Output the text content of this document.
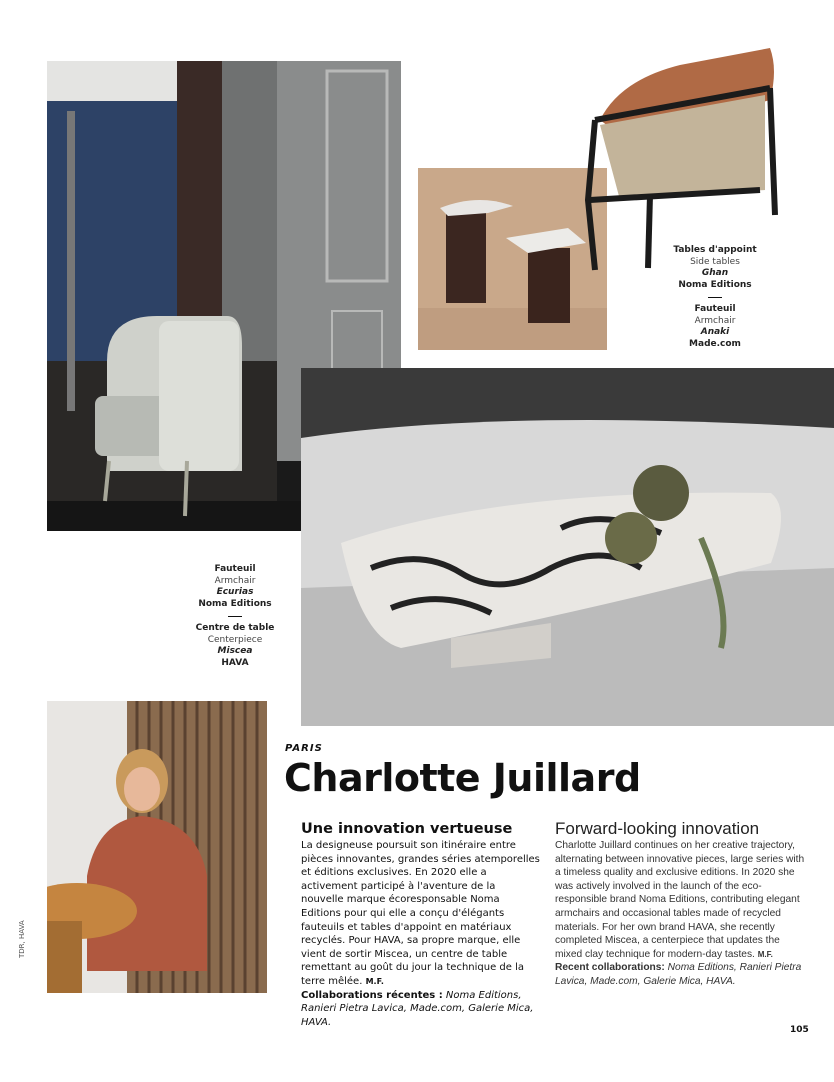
Tables d'appoint
Side tables
Ghan
Noma Editions
Fauteuil
Armchair
Anaki
Made.com
Fauteuil
Armchair
Ecurias
Noma Editions
Centre de table
Centerpiece
Miscea
HAVA
PARIS
Charlotte Juillard
Une innovation vertueuse

La designeuse poursuit son itinéraire entre pièces innovantes, grandes séries atemporelles et éditions exclusives. En 2020 elle a activement participé à l'aventure de la nouvelle marque écoresponsable Noma Editions pour qui elle a conçu d'élégants fauteuils et tables d'appoint en matériaux recyclés. Pour HAVA, sa propre marque, elle vient de sortir Miscea, un centre de table remettant au goût du jour la technique de la terre mêlée. M.F.

Collaborations récentes : Noma Editions, Ranieri Pietra Lavica, Made.com, Galerie Mica, HAVA.

Forward-looking innovation

Charlotte Juillard continues on her creative trajectory, alternating between innovative pieces, large series with a timeless quality and exclusive editions. In 2020 she was actively involved in the launch of the eco-responsible brand Noma Editions, contributing elegant armchairs and occasional tables made of recycled materials. For her own brand HAVA, she recently completed Miscea, a centerpiece that updates the mixed clay technique for modern-day tastes. M.F.

Recent collaborations: Noma Editions, Ranieri Pietra Lavica, Made.com, Galerie Mica, HAVA.

TDR, HAVA
105
